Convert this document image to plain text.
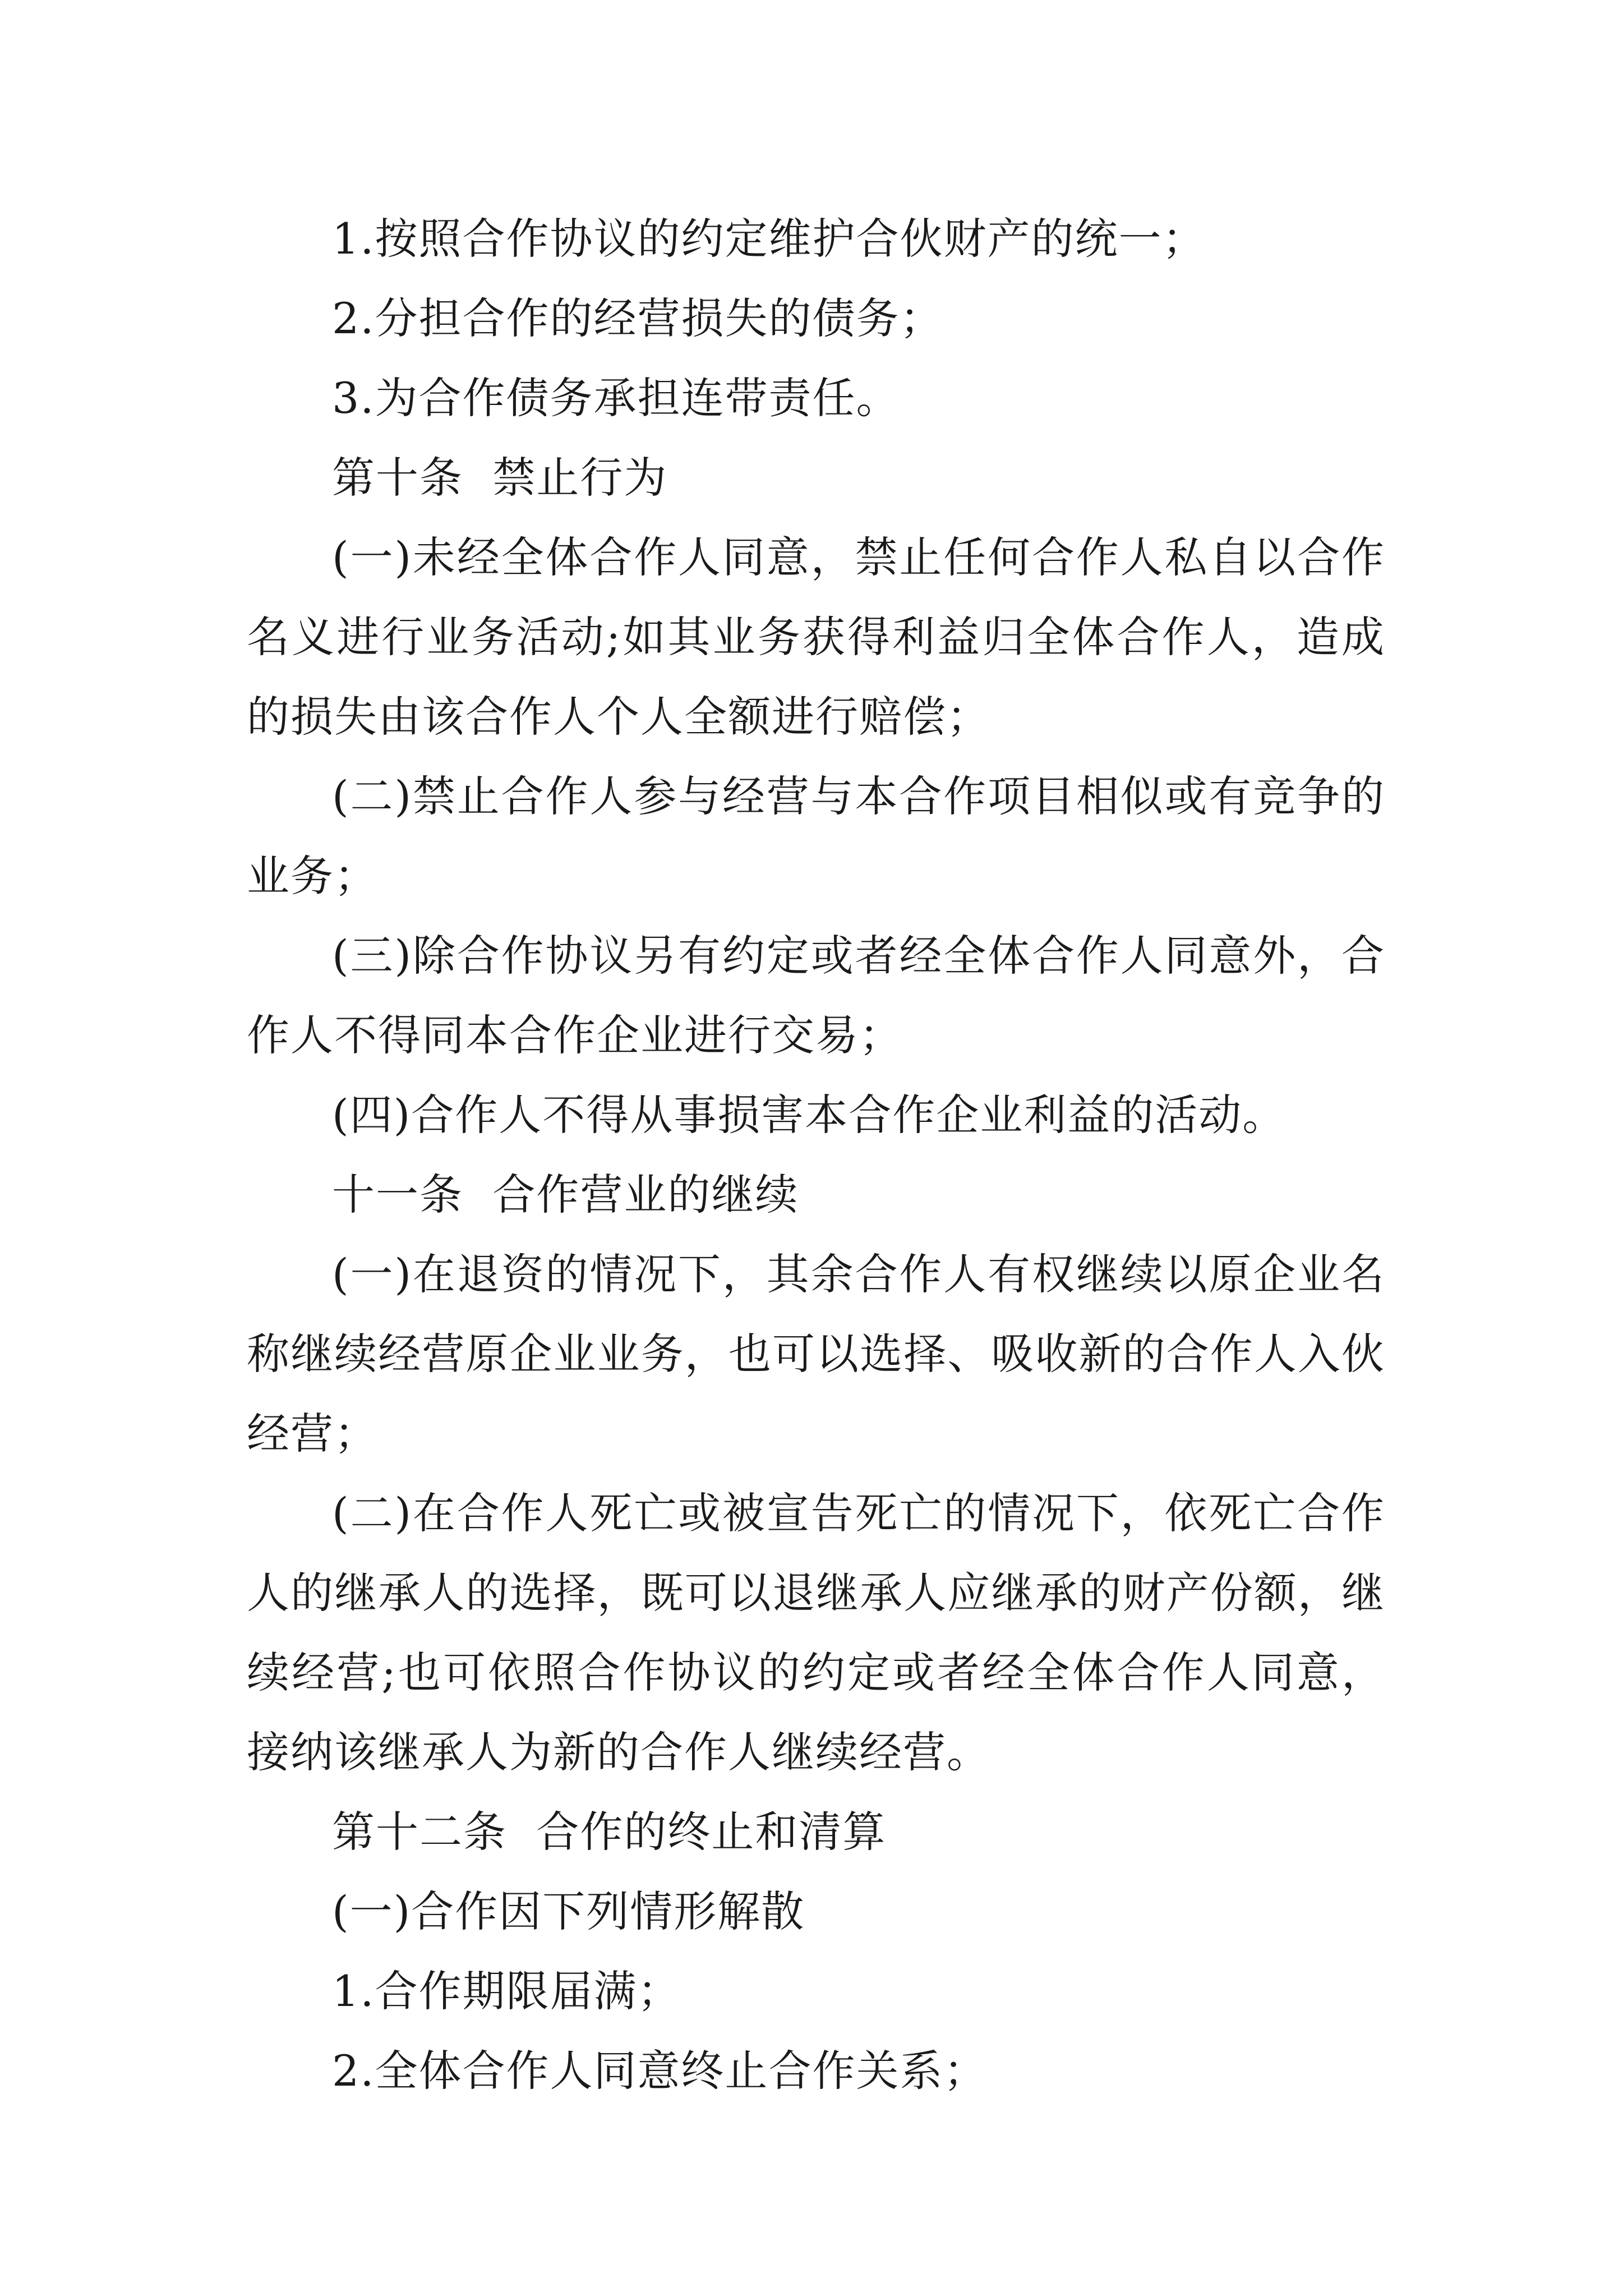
1.按照合作协议的约定维护合伙财产的统一；

2.分担合作的经营损失的债务；

3.为合作债务承担连带责任。

第十条  禁止行为

(一)未经全体合作人同意，禁止任何合作人私自以合作名义进行业务活动;如其业务获得利益归全体合作人，造成的损失由该合作人个人全额进行赔偿；

(二)禁止合作人参与经营与本合作项目相似或有竞争的业务；

(三)除合作协议另有约定或者经全体合作人同意外，合作人不得同本合作企业进行交易；

(四)合作人不得从事损害本合作企业利益的活动。

十一条  合作营业的继续

(一)在退资的情况下，其余合作人有权继续以原企业名称继续经营原企业业务，也可以选择、吸收新的合作人入伙经营；

(二)在合作人死亡或被宣告死亡的情况下，依死亡合作人的继承人的选择，既可以退继承人应继承的财产份额，继续经营;也可依照合作协议的约定或者经全体合作人同意，接纳该继承人为新的合作人继续经营。

第十二条  合作的终止和清算

(一)合作因下列情形解散

1.合作期限届满；

2.全体合作人同意终止合作关系；
